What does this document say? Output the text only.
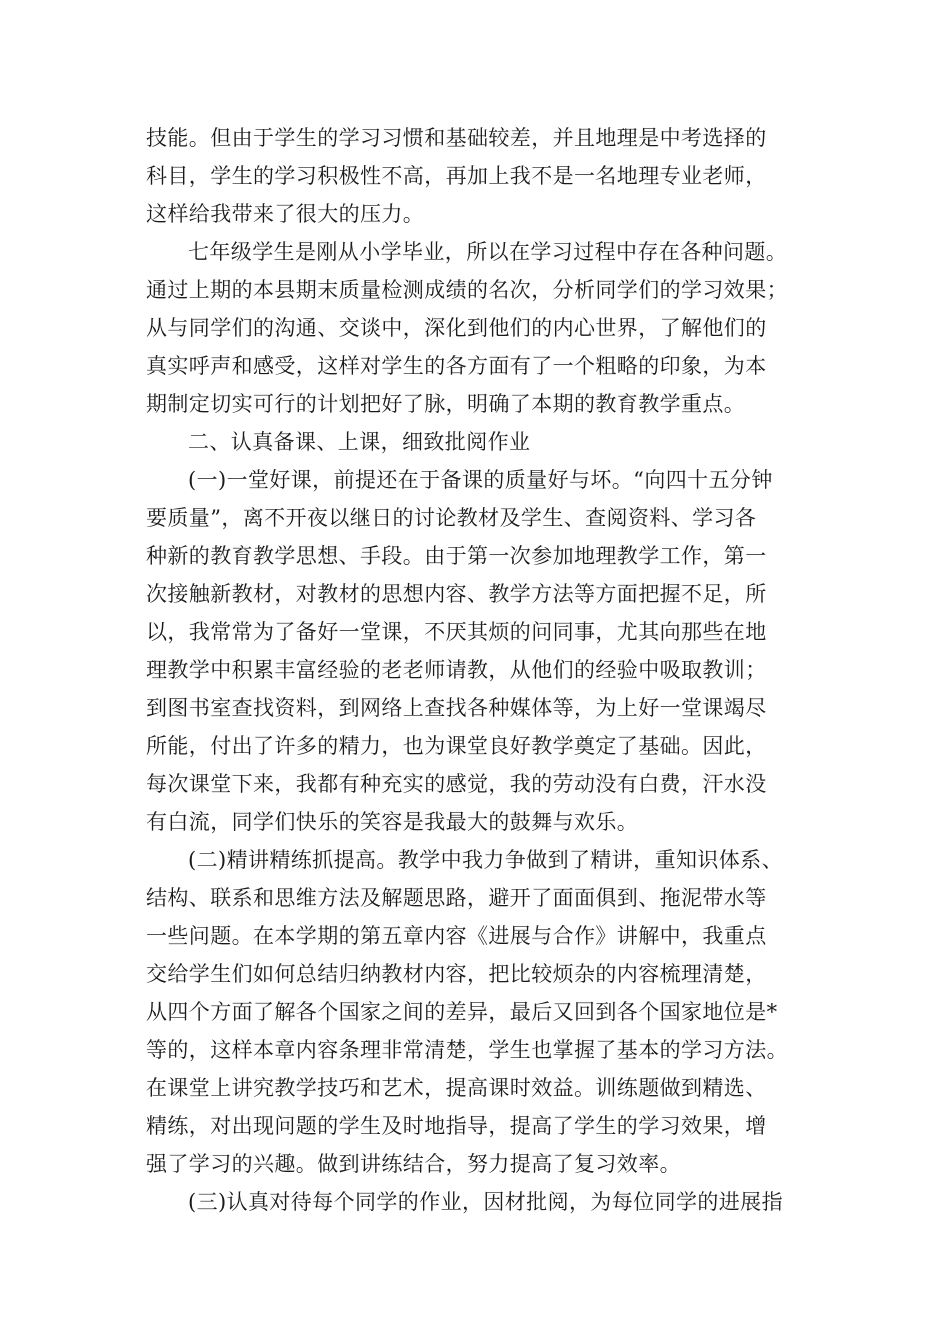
技能。但由于学生的学习习惯和基础较差，并且地理是中考选择的
科目，学生的学习积极性不高，再加上我不是一名地理专业老师，
这样给我带来了很大的压力。
七年级学生是刚从小学毕业，所以在学习过程中存在各种问题。
通过上期的本县期末质量检测成绩的名次，分析同学们的学习效果；
从与同学们的沟通、交谈中，深化到他们的内心世界，了解他们的
真实呼声和感受，这样对学生的各方面有了一个粗略的印象，为本
期制定切实可行的计划把好了脉，明确了本期的教育教学重点。
二、认真备课、上课，细致批阅作业
(一)一堂好课，前提还在于备课的质量好与坏。“向四十五分钟
要质量”，离不开夜以继日的讨论教材及学生、查阅资料、学习各
种新的教育教学思想、手段。由于第一次参加地理教学工作，第一
次接触新教材，对教材的思想内容、教学方法等方面把握不足，所
以，我常常为了备好一堂课，不厌其烦的问同事，尤其向那些在地
理教学中积累丰富经验的老老师请教，从他们的经验中吸取教训；
到图书室查找资料，到网络上查找各种媒体等，为上好一堂课竭尽
所能，付出了许多的精力，也为课堂良好教学奠定了基础。因此，
每次课堂下来，我都有种充实的感觉，我的劳动没有白费，汗水没
有白流，同学们快乐的笑容是我最大的鼓舞与欢乐。
(二)精讲精练抓提高。教学中我力争做到了精讲，重知识体系、
结构、联系和思维方法及解题思路，避开了面面俱到、拖泥带水等
一些问题。在本学期的第五章内容《进展与合作》讲解中，我重点
交给学生们如何总结归纳教材内容，把比较烦杂的内容梳理清楚，
从四个方面了解各个国家之间的差异，最后又回到各个国家地位是*
等的，这样本章内容条理非常清楚，学生也掌握了基本的学习方法。
在课堂上讲究教学技巧和艺术，提高课时效益。训练题做到精选、
精练，对出现问题的学生及时地指导，提高了学生的学习效果，增
强了学习的兴趣。做到讲练结合，努力提高了复习效率。
(三)认真对待每个同学的作业，因材批阅，为每位同学的进展指
